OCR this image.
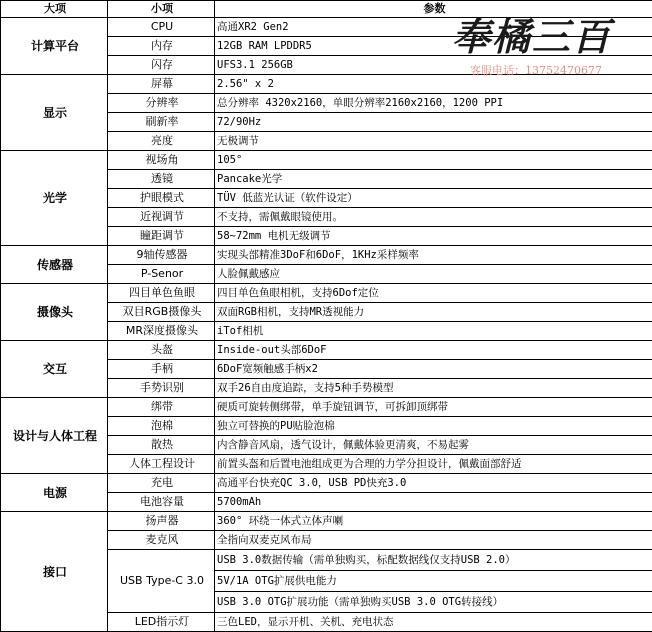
大项	小项	参数
计算平台	CPU	高通XR2 Gen2
	内存	12GB RAM LPDDR5
	闪存	UFS3.1 256GB
显示	屏幕	2.56" x 2
	分辨率	总分辨率 4320x2160，单眼分辨率2160x2160，1200 PPI
	刷新率	72/90Hz
	亮度	无极调节
光学	视场角	105°
	透镜	Pancake光学
	护眼模式	TÜV 低蓝光认证（软件设定）
	近视调节	不支持，需佩戴眼镜使用。
	瞳距调节	58~72mm 电机无级调节
传感器	9轴传感器	实现头部精准3DoF和6DoF，1KHz采样频率
	P-Senor	人脸佩戴感应
摄像头	四目单色鱼眼	四目单色鱼眼相机，支持6Dof定位
	双目RGB摄像头	双面RGB相机，支持MR透视能力
	MR深度摄像头	iTof相机
交互	头盔	Inside-out头部6DoF
	手柄	6DoF宽频触感手柄x2
	手势识别	双手26自由度追踪，支持5种手势模型
设计与人体工程	绑带	硬质可旋转侧绑带，单手旋钮调节，可拆卸顶绑带
	泡棉	独立可替换的PU贴脸泡棉
	散热	内含静音风扇，透气设计，佩戴体验更清爽，不易起雾
	人体工程设计	前置头盔和后置电池组成更为合理的力学分担设计，佩戴面部舒适
电源	充电	高通平台快充QC 3.0，USB PD快充3.0
	电池容量	5700mAh
接口	扬声器	360° 环绕一体式立体声喇
	麦克风	全指向双麦克风布局
	USB Type-C 3.0	USB 3.0数据传输（需单独购买，标配数据线仅支持USB 2.0）
		5V/1A OTG扩展供电能力
		USB 3.0 OTG扩展功能（需单独购买USB 3.0 OTG转接线）
	LED指示灯	三色LED，显示开机、关机、充电状态
奉橘三百
客服电话：13752470677
